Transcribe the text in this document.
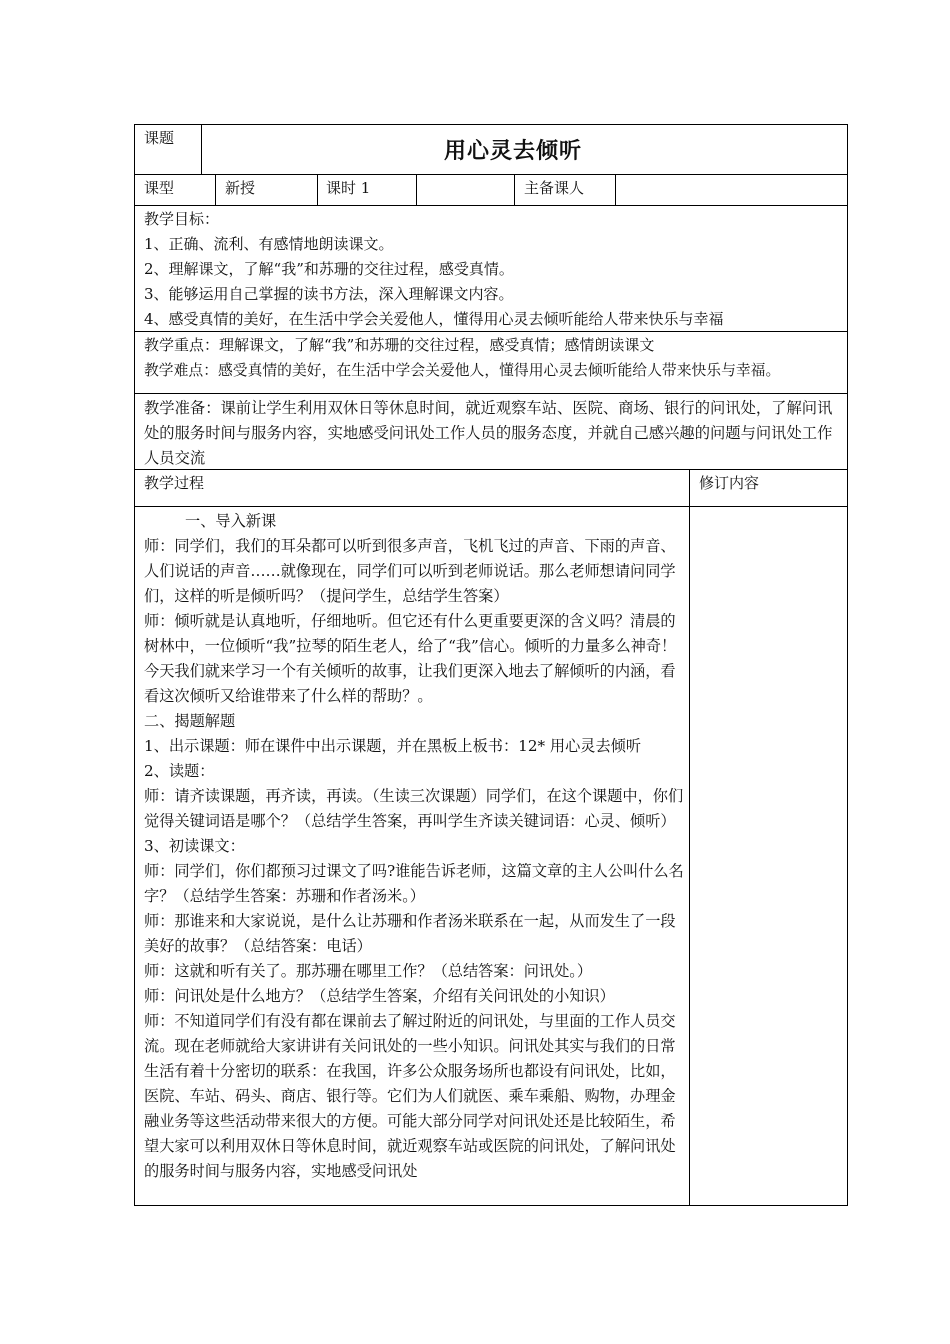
课题	用心灵去倾听
课型	新授	课时 1	主备课人
教学目标：
1、正确、流利、有感情地朗读课文。
2、理解课文，了解“我”和苏珊的交往过程，感受真情。
3、能够运用自己掌握的读书方法，深入理解课文内容。
4、感受真情的美好，在生活中学会关爱他人，懂得用心灵去倾听能给人带来快乐与幸福
教学重点：理解课文，了解“我”和苏珊的交往过程，感受真情；感情朗读课文
教学难点：感受真情的美好，在生活中学会关爱他人，懂得用心灵去倾听能给人带来快乐与幸福。
教学准备：课前让学生利用双休日等休息时间，就近观察车站、医院、商场、银行的问讯处，了解问讯处的服务时间与服务内容，实地感受问讯处工作人员的服务态度，并就自己感兴趣的问题与问讯处工作人员交流
教学过程	修订内容
一、导入新课
师：同学们，我们的耳朵都可以听到很多声音，飞机飞过的声音、下雨的声音、人们说话的声音……就像现在，同学们可以听到老师说话。那么老师想请问同学们，这样的听是倾听吗？（提问学生，总结学生答案）
师：倾听就是认真地听，仔细地听。但它还有什么更重要更深的含义吗？清晨的树林中，一位倾听“我”拉琴的陌生老人，给了“我”信心。倾听的力量多么神奇！今天我们就来学习一个有关倾听的故事，让我们更深入地去了解倾听的内涵，看看这次倾听又给谁带来了什么样的帮助？。
二、揭题解题
1、出示课题：师在课件中出示课题，并在黑板上板书：12* 用心灵去倾听
2、读题：
师：请齐读课题，再齐读，再读。（生读三次课题）同学们，在这个课题中，你们觉得关键词语是哪个？（总结学生答案，再叫学生齐读关键词语：心灵、倾听）
3、初读课文：
师：同学们，你们都预习过课文了吗?谁能告诉老师，这篇文章的主人公叫什么名字？（总结学生答案：苏珊和作者汤米。）
师：那谁来和大家说说，是什么让苏珊和作者汤米联系在一起，从而发生了一段美好的故事？（总结答案：电话）
师：这就和听有关了。那苏珊在哪里工作？（总结答案：问讯处。）
师：问讯处是什么地方？（总结学生答案，介绍有关问讯处的小知识）
师：不知道同学们有没有都在课前去了解过附近的问讯处，与里面的工作人员交流。现在老师就给大家讲讲有关问讯处的一些小知识。问讯处其实与我们的日常生活有着十分密切的联系：在我国，许多公众服务场所也都设有问讯处，比如，医院、车站、码头、商店、银行等。它们为人们就医、乘车乘船、购物，办理金融业务等这些活动带来很大的方便。可能大部分同学对问讯处还是比较陌生，希望大家可以利用双休日等休息时间，就近观察车站或医院的问讯处，了解问讯处的服务时间与服务内容，实地感受问讯处
